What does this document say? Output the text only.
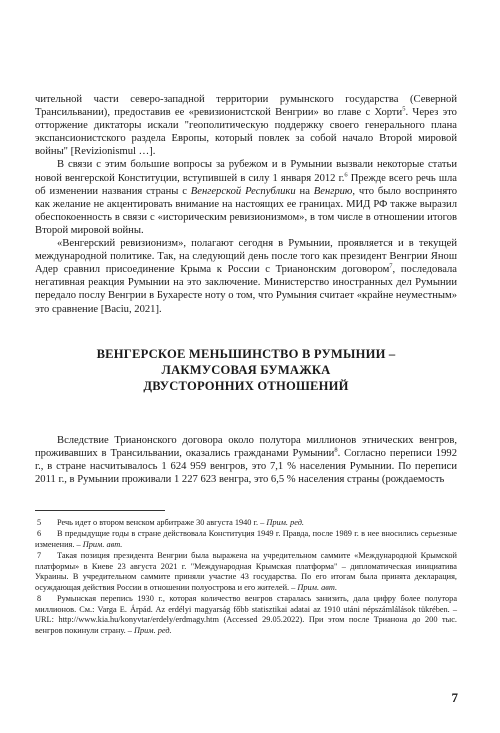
чительной части северо-западной территории румынского государства (Северной Трансильвании), предоставив ее «ревизионистской Венгрии» во главе с Хорти$^5$. Через это отторжение диктаторы искали "геополитическую поддержку своего генерального плана экспансионистского раздела Европы, который повлек за собой начало Второй мировой войны" [Revizionismul …].

В связи с этим большие вопросы за рубежом и в Румынии вызвали некоторые статьи новой венгерской Конституции, вступившей в силу 1 января 2012 г.$^6$ Прежде всего речь шла об изменении названия страны с Венгерской Республики на Венгрию, что было воспринято как желание не акцентировать внимание на настоящих ее границах. МИД РФ также выразил обеспокоенность в связи с «историческим ревизионизмом», в том числе в отношении итогов Второй мировой войны.

«Венгерский ревизионизм», полагают сегодня в Румынии, проявляется и в текущей международной политике. Так, на следующий день после того как президент Венгрии Янош Адер сравнил присоединение Крыма к России с Трианонским договором$^7$, последовала негативная реакция Румынии на это заключение. Министерство иностранных дел Румынии передало послу Венгрии в Бухаресте ноту о том, что Румыния считает «крайне неуместным» это сравнение [Baciu, 2021].

ВЕНГЕРСКОЕ МЕНЬШИНСТВО В РУМЫНИИ –
ЛАКМУСОВАЯ БУМАЖКА
ДВУСТОРОННИХ ОТНОШЕНИЙ

Вследствие Трианонского договора около полутора миллионов этнических венгров, проживавших в Трансильвании, оказались гражданами Румынии$^8$. Согласно переписи 1992 г., в стране насчитывалось 1 624 959 венгров, это 7,1 % населения Румынии. По переписи 2011 г., в Румынии проживали 1 227 623 венгра, это 6,5 % населения страны (рождаемость

5 Речь идет о втором венском арбитраже 30 августа 1940 г. – Прим. ред.
6 В предыдущие годы в стране действовала Конституция 1949 г. Правда, после 1989 г. в нее вносились серьезные изменения. – Прим. авт.
7 Такая позиция президента Венгрии была выражена на учредительном саммите «Международной Крымской платформы» в Киеве 23 августа 2021 г. "Международная Крымская платформа" – дипломатическая инициатива Украины. В учредительном саммите приняли участие 43 государства. По его итогам была принята декларация, осуждающая действия России в отношении полуострова и его жителей. – Прим. авт.
8 Румынская перепись 1930 г., которая количество венгров старалась занизить, дала цифру более полутора миллионов. См.: Varga E. Árpád. Az erdélyi magyarság főbb statisztikai adatai az 1910 utáni népszámlálások tükrében. – URL: http://www.kia.hu/konyvtar/erdely/erdmagy.htm (Accessed 29.05.2022). При этом после Трианона до 200 тыс. венгров покинули страну. – Прим. ред.
7
